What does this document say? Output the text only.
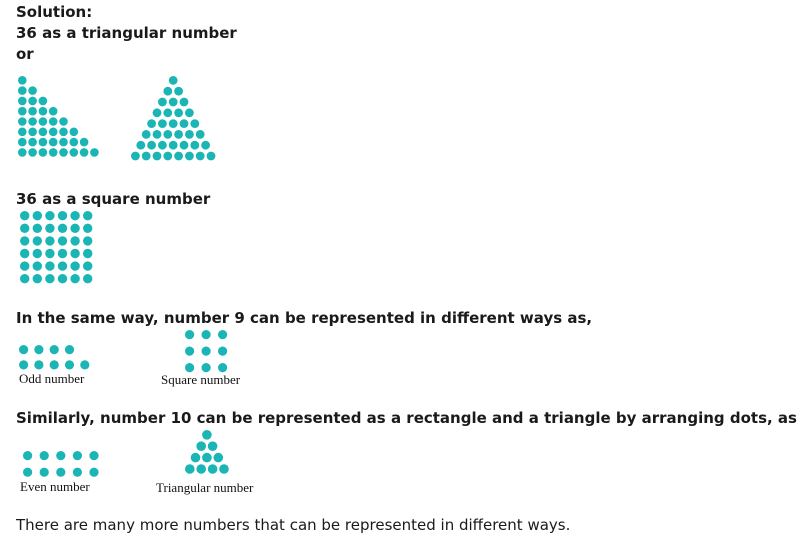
Solution:
36 as a triangular number
or
36 as a square number
In the same way, number 9 can be represented in different ways as,
Odd number	Square number
Similarly, number 10 can be represented as a rectangle and a triangle by arranging dots, as
Even number	Triangular number
There are many more numbers that can be represented in different ways.
